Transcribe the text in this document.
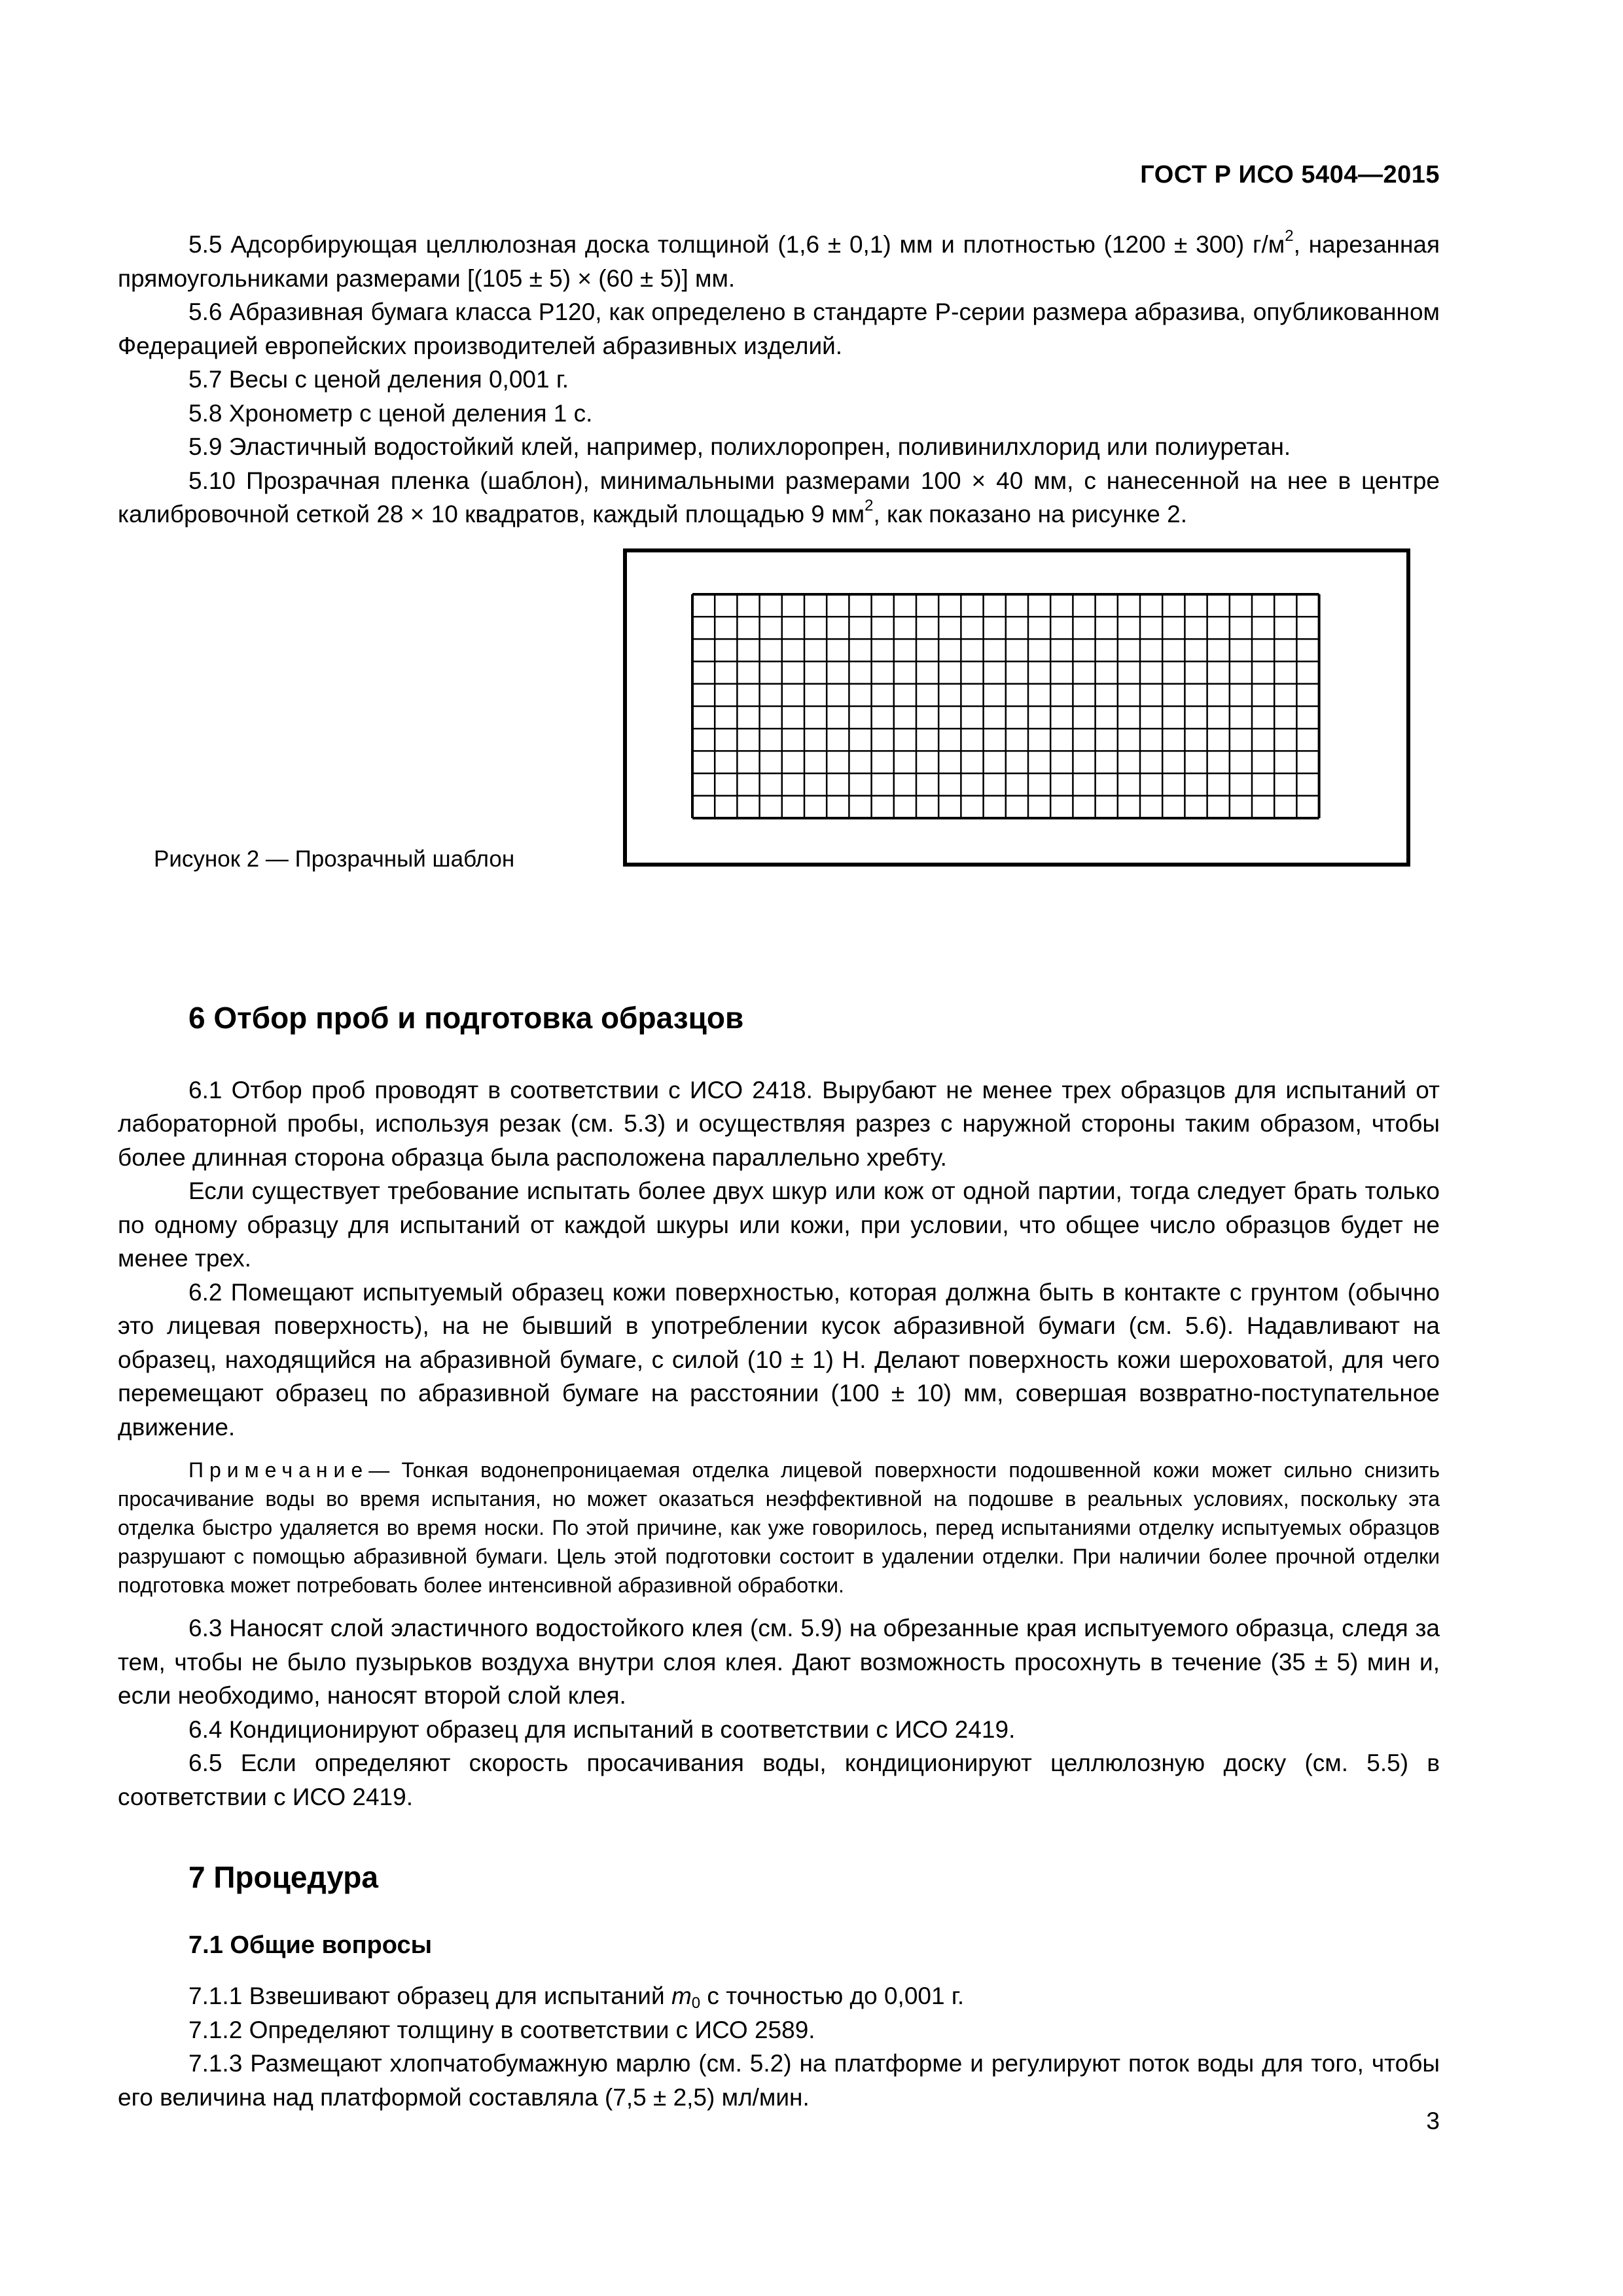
ГОСТ Р ИСО 5404—2015

5.5 Адсорбирующая целлюлозная доска толщиной (1,6 ± 0,1) мм и плотностью (1200 ± 300) $г/м^2$, нарезанная прямоугольниками размерами [(105 ± 5) × (60 ± 5)] мм.

5.6 Абразивная бумага класса P120, как определено в стандарте P-серии размера абразива, опубликованном Федерацией европейских производителей абразивных изделий.

5.7 Весы с ценой деления 0,001 г.

5.8 Хронометр с ценой деления 1 с.

5.9 Эластичный водостойкий клей, например, полихлоропрен, поливинилхлорид или полиуретан.

5.10 Прозрачная пленка (шаблон), минимальными размерами 100 × 40 мм, с нанесенной на нее в центре калибровочной сеткой 28 × 10 квадратов, каждый площадью 9 $мм^2$, как показано на рисунке 2.

Рисунок 2 — Прозрачный шаблон
6 Отбор проб и подготовка образцов

6.1 Отбор проб проводят в соответствии с ИСО 2418. Вырубают не менее трех образцов для испытаний от лабораторной пробы, используя резак (см. 5.3) и осуществляя разрез с наружной стороны таким образом, чтобы более длинная сторона образца была расположена параллельно хребту.

Если существует требование испытать более двух шкур или кож от одной партии, тогда следует брать только по одному образцу для испытаний от каждой шкуры или кожи, при условии, что общее число образцов будет не менее трех.

6.2 Помещают испытуемый образец кожи поверхностью, которая должна быть в контакте с грунтом (обычно это лицевая поверхность), на не бывший в употреблении кусок абразивной бумаги (см. 5.6). Надавливают на образец, находящийся на абразивной бумаге, с силой (10 ± 1) Н. Делают поверхность кожи шероховатой, для чего перемещают образец по абразивной бумаге на расстоянии (100 ± 10) мм, совершая возвратно-поступательное движение.

Примечание— Тонкая водонепроницаемая отделка лицевой поверхности подошвенной кожи может сильно снизить просачивание воды во время испытания, но может оказаться неэффективной на подошве в реальных условиях, поскольку эта отделка быстро удаляется во время носки. По этой причине, как уже говорилось, перед испытаниями отделку испытуемых образцов разрушают с помощью абразивной бумаги. Цель этой подготовки состоит в удалении отделки. При наличии более прочной отделки подготовка может потребовать более интенсивной абразивной обработки.

6.3 Наносят слой эластичного водостойкого клея (см. 5.9) на обрезанные края испытуемого образца, следя за тем, чтобы не было пузырьков воздуха внутри слоя клея. Дают возможность просохнуть в течение (35 ± 5) мин и, если необходимо, наносят второй слой клея.

6.4 Кондиционируют образец для испытаний в соответствии с ИСО 2419.

6.5 Если определяют скорость просачивания воды, кондиционируют целлюлозную доску (см. 5.5) в соответствии с ИСО 2419.

7 Процедура
7.1 Общие вопросы

7.1.1 Взвешивают образец для испытаний $m_0$ с точностью до 0,001 г.

7.1.2 Определяют толщину в соответствии с ИСО 2589.

7.1.3 Размещают хлопчатобумажную марлю (см. 5.2) на платформе и регулируют поток воды для того, чтобы его величина над платформой составляла (7,5 ± 2,5) мл/мин.

3
